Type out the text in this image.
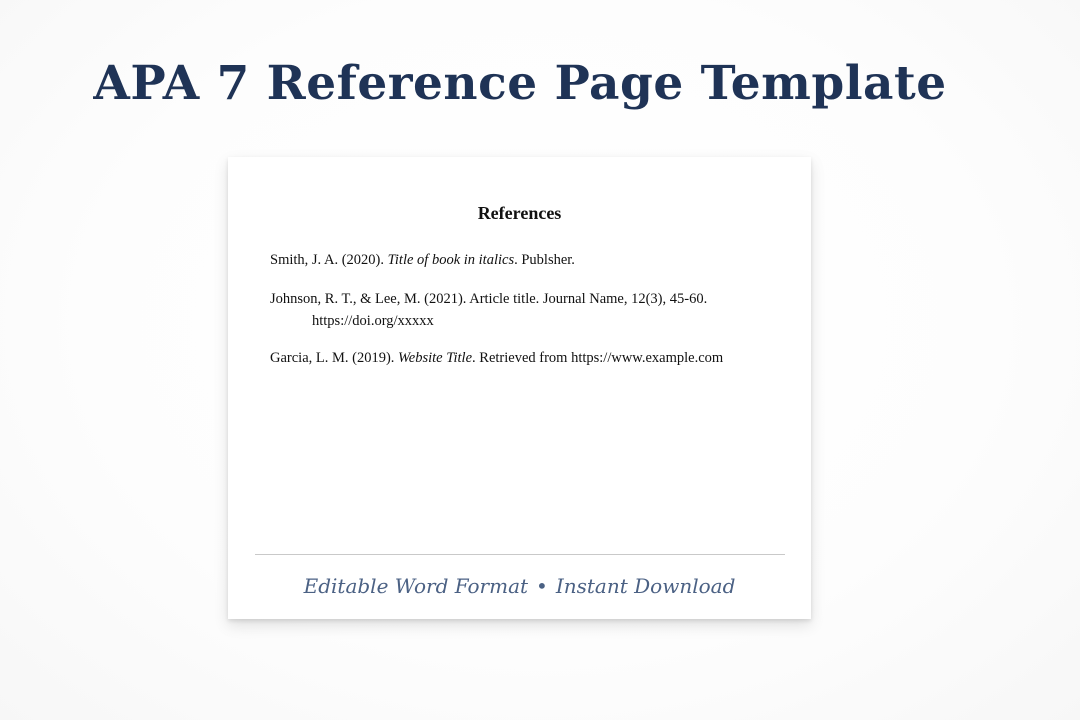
APA 7 Reference Page Template
References
Smith, J. A. (2020). Title of book in italics. Publsher.
Johnson, R. T., & Lee, M. (2021). Article title. Journal Name, 12(3), 45-60.
https://doi.org/xxxxx
Garcia, L. M. (2019). Website Title. Retrieved from https://www.example.com
Editable Word Format • Instant Download
